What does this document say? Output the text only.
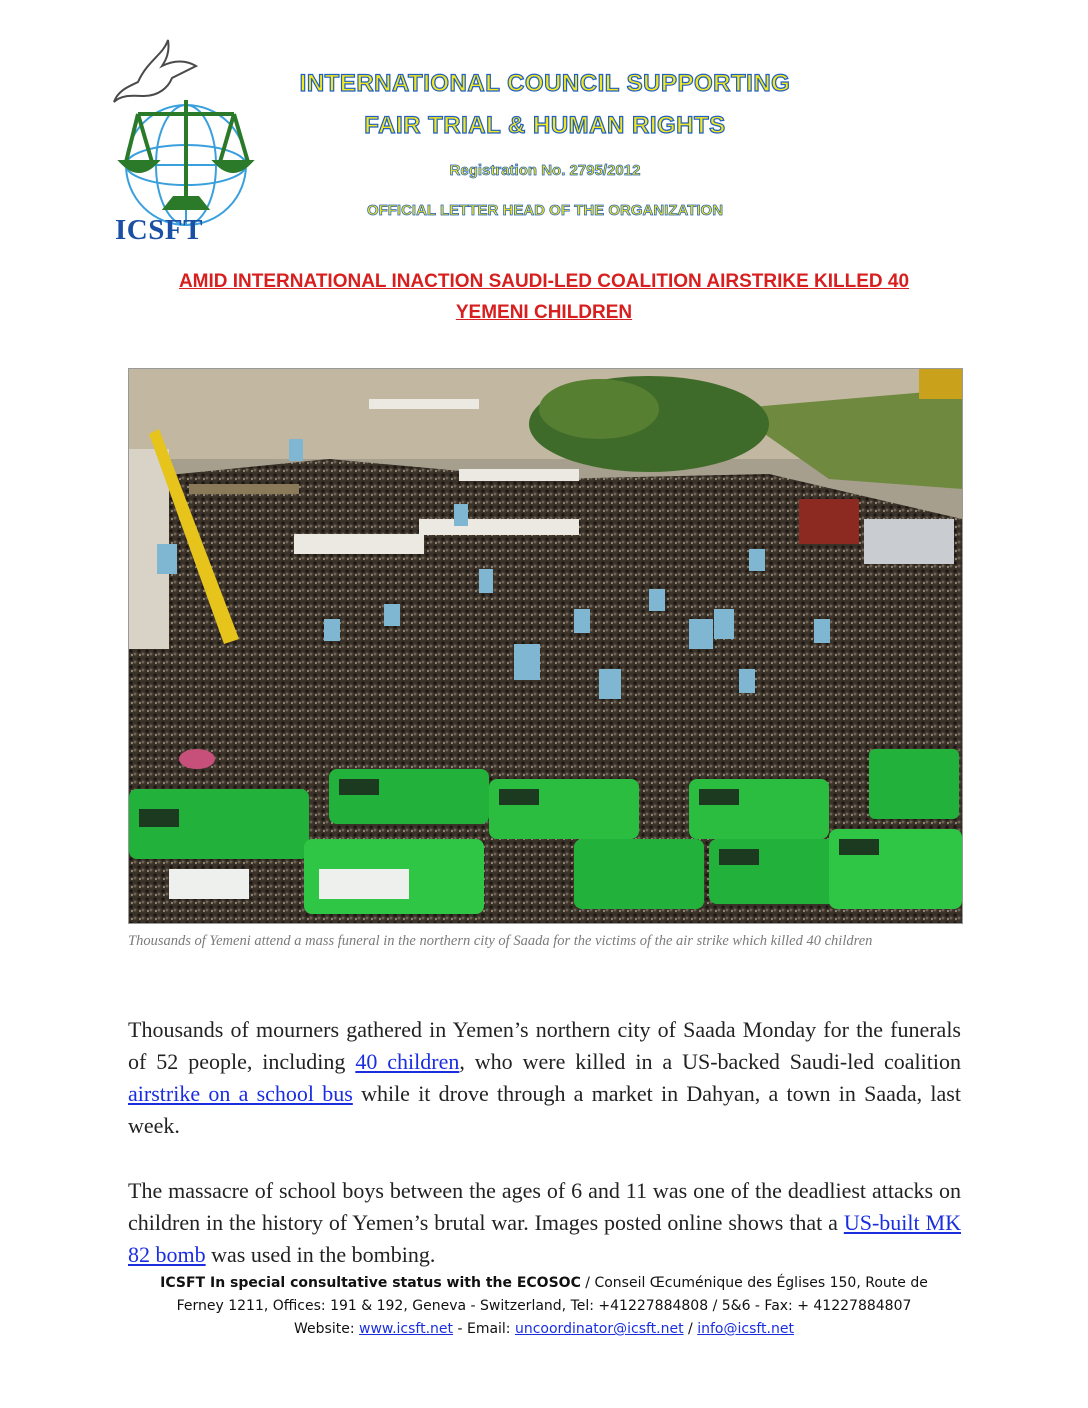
ICSFT
INTERNATIONAL COUNCIL SUPPORTING
FAIR TRIAL & HUMAN RIGHTS
Registration No. 2795/2012
OFFICIAL LETTER HEAD OF THE ORGANIZATION
AMID INTERNATIONAL INACTION SAUDI-LED COALITION AIRSTRIKE KILLED 40
YEMENI CHILDREN
Thousands of Yemeni attend a mass funeral in the northern city of Saada for the victims of the air strike which killed 40 children
Thousands of mourners gathered in Yemen’s northern city of Saada Monday for the funerals of 52 people, including 40 children, who were killed in a US-backed Saudi-led coalition airstrike on a school bus while it drove through a market in Dahyan, a town in Saada, last week.
The massacre of school boys between the ages of 6 and 11 was one of the deadliest attacks on children in the history of Yemen’s brutal war. Images posted online shows that a US-built MK 82 bomb was used in the bombing.
ICSFT In special consultative status with the ECOSOC / Conseil Œcuménique des Églises 150, Route de
Ferney 1211, Offices: 191 & 192, Geneva - Switzerland, Tel: +41227884808 / 5&6 - Fax: + 41227884807
Website: www.icsft.net - Email: uncoordinator@icsft.net / info@icsft.net
